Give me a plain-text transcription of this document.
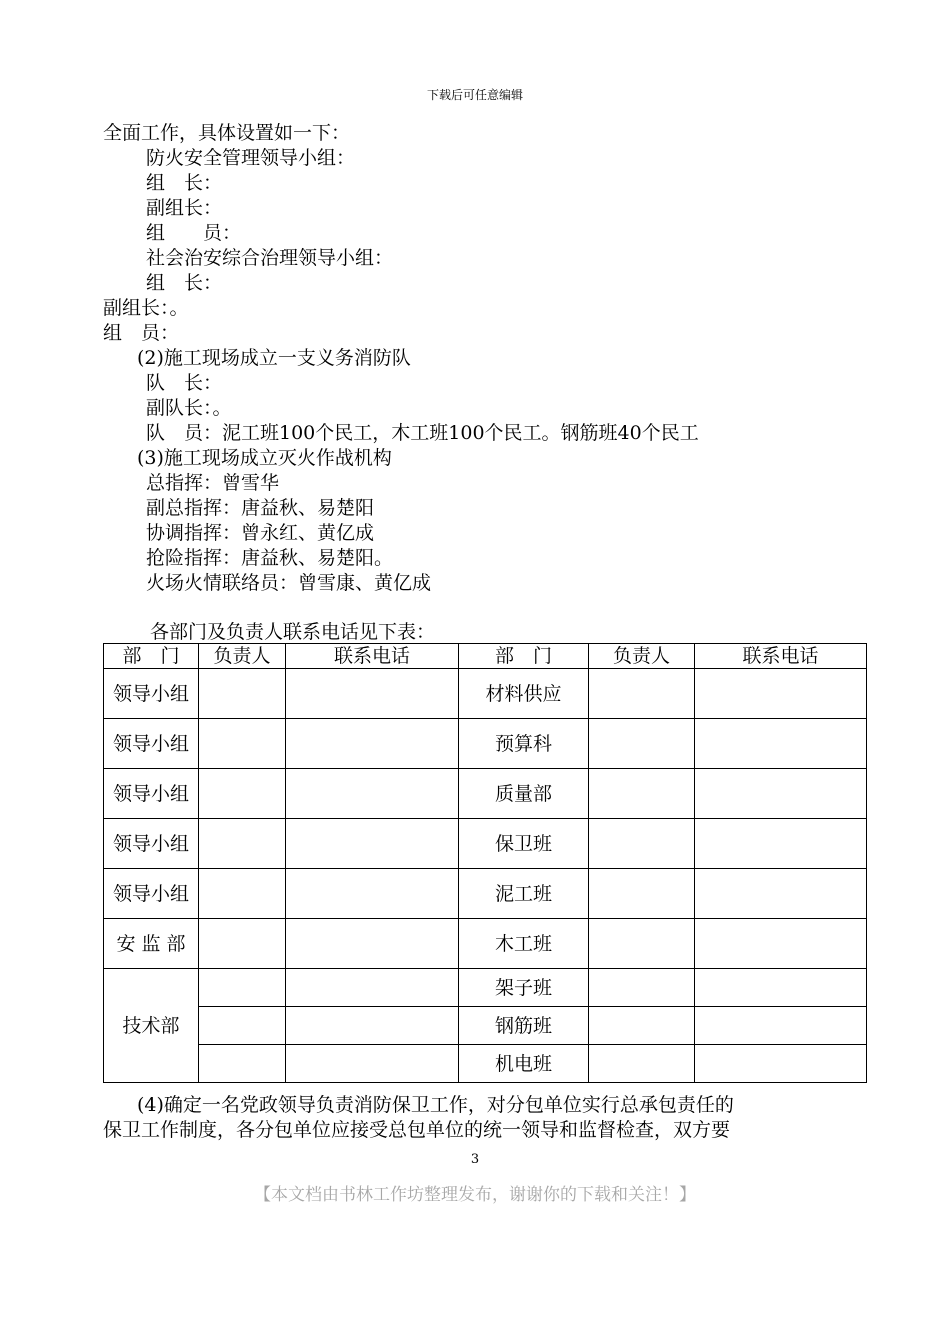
下载后可任意编辑
全面工作，具体设置如一下：
防火安全管理领导小组：
组　长：
副组长：
组　　员：
社会治安综合治理领导小组：
组　长：
副组长：。
组　员：
(2)施工现场成立一支义务消防队
队　长：
副队长：。
队　员：泥工班100个民工，木工班100个民工。钢筋班40个民工
(3)施工现场成立灭火作战机构
总指挥：曾雪华
副总指挥：唐益秋、易楚阳
协调指挥：曾永红、黄亿成
抢险指挥：唐益秋、易楚阳。
火场火情联络员：曾雪康、黄亿成
各部门及负责人联系电话见下表：
部　门	负责人	联系电话	部　门	负责人	联系电话
领导小组			材料供应		
领导小组			预算科		
领导小组			质量部		
领导小组			保卫班		
领导小组			泥工班		
安 监 部			木工班		
技术部			架子班		
			钢筋班		
			机电班		
(4)确定一名党政领导负责消防保卫工作，对分包单位实行总承包责任的
保卫工作制度，各分包单位应接受总包单位的统一领导和监督检查，双方要
3
【本文档由书林工作坊整理发布，谢谢你的下载和关注！】
